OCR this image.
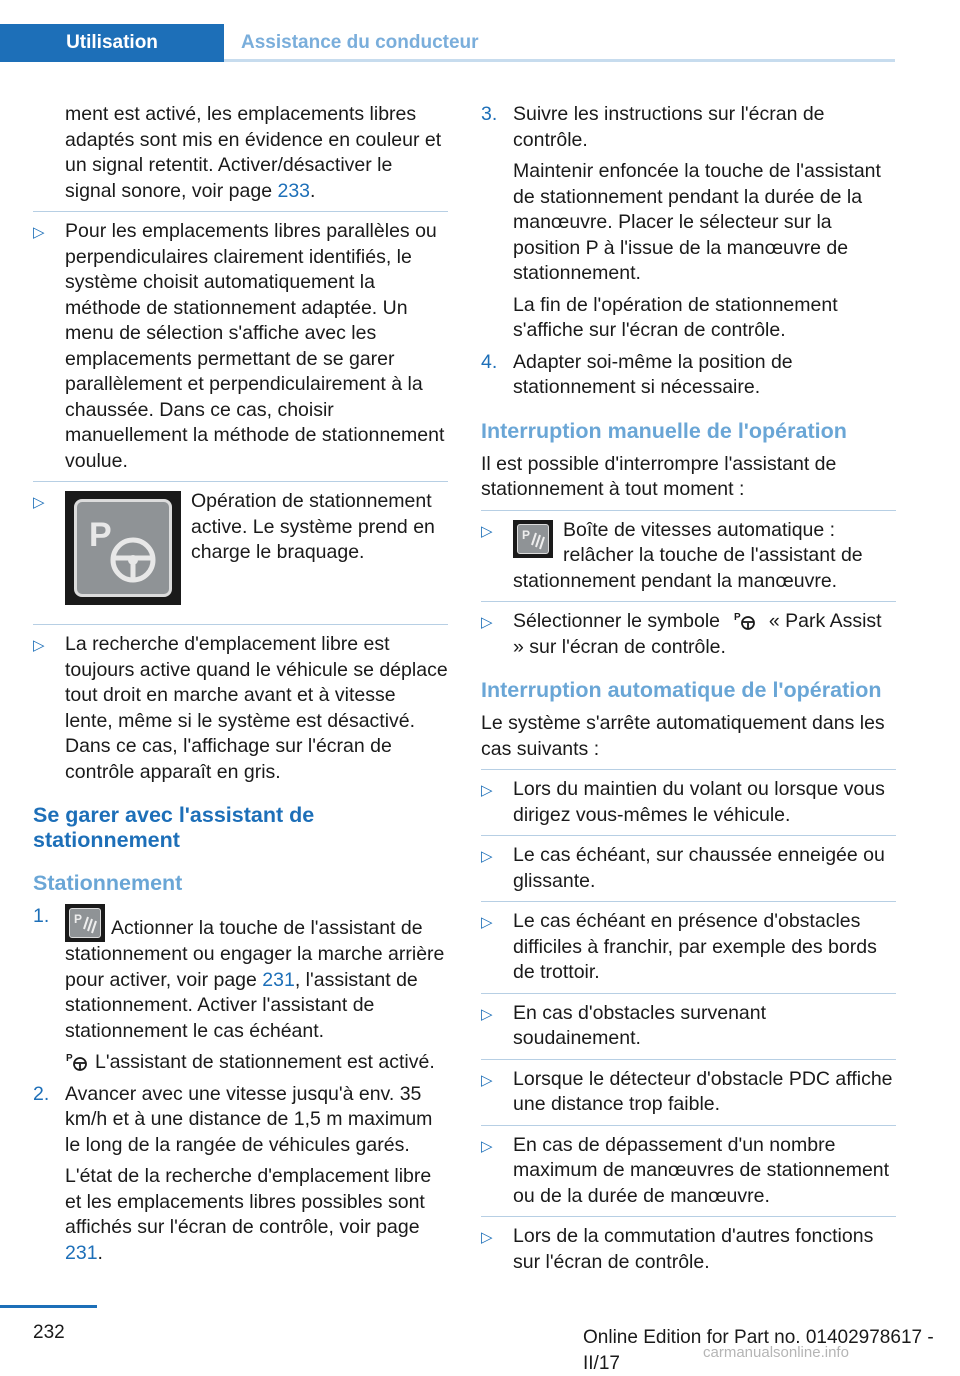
Utilisation	Assistance du conducteur

ment est activé, les emplacements libres adaptés sont mis en évidence en couleur et un signal retentit. Activer/désactiver le signal sonore, voir page 233.

▷ Pour les emplacements libres parallèles ou perpendiculaires clairement identifiés, le système choisit automatiquement la méthode de stationnement adaptée. Un menu de sélection s'affiche avec les emplacements permettant de se garer parallèlement et perpendiculairement à la chaussée. Dans ce cas, choisir manuellement la méthode de stationnement voulue.
▷
P
Opération de stationnement active. Le système prend en charge le braquage.
▷ La recherche d'emplacement libre est toujours active quand le véhicule se déplace tout droit en marche avant et à vitesse lente, même si le système est désactivé. Dans ce cas, l'affichage sur l'écran de contrôle apparaît en gris.
Se garer avec l'assistant de stationnement
Stationnement
1. P Actionner la touche de l'assistant de stationnement ou engager la marche arrière pour activer, voir page 231, l'assistant de stationnement. Activer l'assistant de stationnement le cas échéant.

P L'assistant de stationnement est activé.

2. Avancer avec une vitesse jusqu'à env. 35 km/h et à une distance de 1,5 m maximum le long de la rangée de véhicules garés.

L'état de la recherche d'emplacement libre et les emplacements libres possibles sont affichés sur l'écran de contrôle, voir page 231.

3. Suivre les instructions sur l'écran de contrôle.

Maintenir enfoncée la touche de l'assistant de stationnement pendant la durée de la manœuvre. Placer le sélecteur sur la position P à l'issue de la manœuvre de stationnement.

La fin de l'opération de stationnement s'affiche sur l'écran de contrôle.

4. Adapter soi-même la position de stationnement si nécessaire.
Interruption manuelle de l'opération

Il est possible d'interrompre l'assistant de stationnement à tout moment :

▷ P Boîte de vitesses automatique : relâcher la touche de l'assistant de stationnement pendant la manœuvre.
▷ Sélectionner le symbole P « Park Assist » sur l'écran de contrôle.
Interruption automatique de l'opération

Le système s'arrête automatiquement dans les cas suivants :

▷ Lors du maintien du volant ou lorsque vous dirigez vous-mêmes le véhicule.
▷ Le cas échéant, sur chaussée enneigée ou glissante.
▷ Le cas échéant en présence d'obstacles difficiles à franchir, par exemple des bords de trottoir.
▷ En cas d'obstacles survenant soudainement.
▷ Lorsque le détecteur d'obstacle PDC affiche une distance trop faible.
▷ En cas de dépassement d'un nombre maximum de manœuvres de stationnement ou de la durée de manœuvre.
▷ Lors de la commutation d'autres fonctions sur l'écran de contrôle.
232	Online Edition for Part no. 01402978617 - II/17	carmanualsonline.info
